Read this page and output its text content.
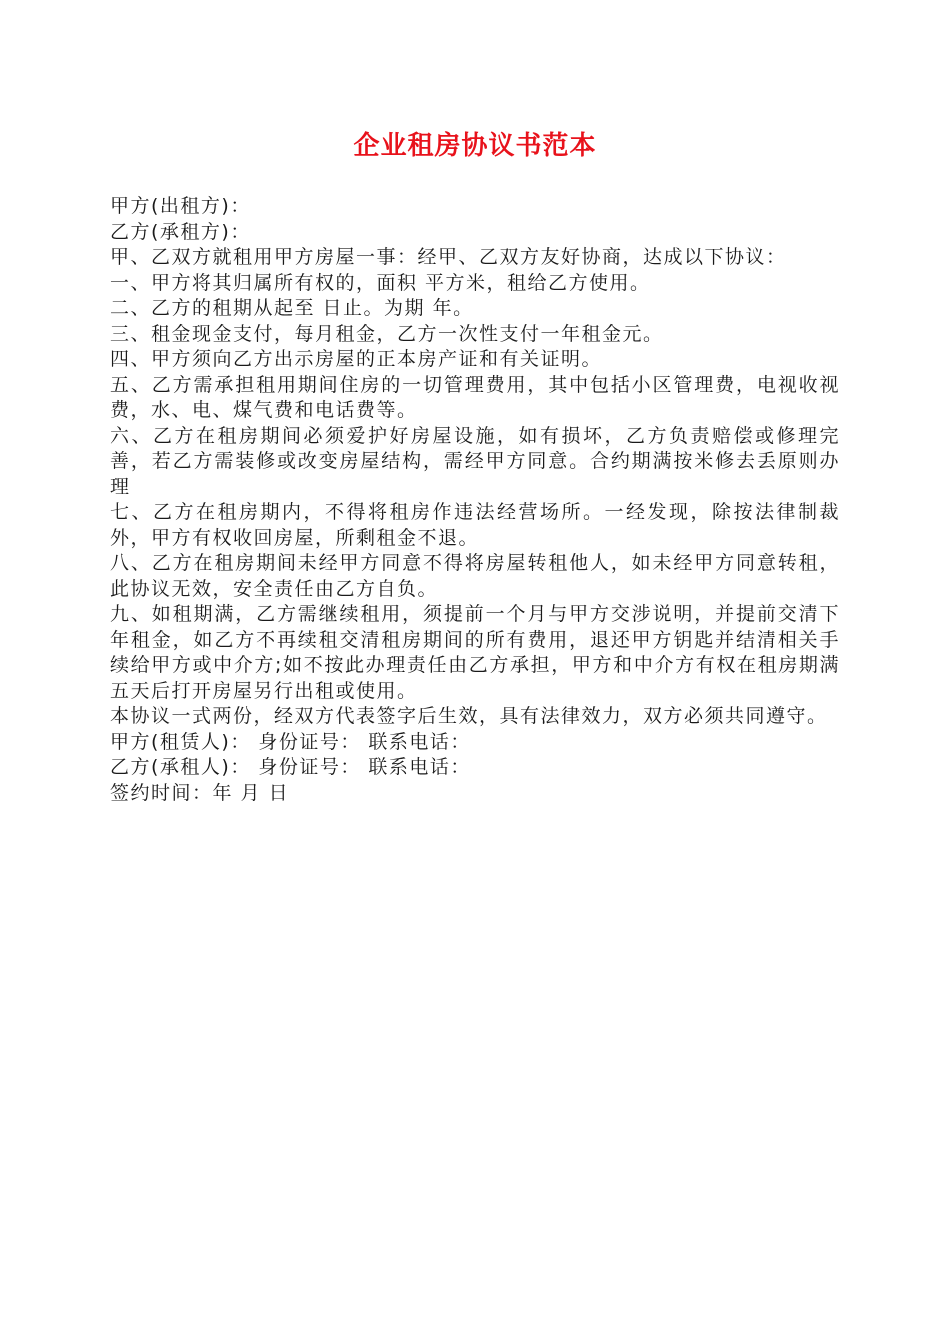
企业租房协议书范本

甲方(出租方)：

乙方(承租方)：

甲、乙双方就租用甲方房屋一事：经甲、乙双方友好协商，达成以下协议：

一、甲方将其归属所有权的，面积 平方米，租给乙方使用。

二、乙方的租期从起至 日止。为期 年。

三、租金现金支付，每月租金，乙方一次性支付一年租金元。

四、甲方须向乙方出示房屋的正本房产证和有关证明。

五、乙方需承担租用期间住房的一切管理费用，其中包括小区管理费，电视收视费，水、电、煤气费和电话费等。

六、乙方在租房期间必须爱护好房屋设施，如有损坏，乙方负责赔偿或修理完善，若乙方需装修或改变房屋结构，需经甲方同意。合约期满按米修去丢原则办理

七、乙方在租房期内，不得将租房作违法经营场所。一经发现，除按法律制裁外，甲方有权收回房屋，所剩租金不退。

八、乙方在租房期间未经甲方同意不得将房屋转租他人，如未经甲方同意转租，此协议无效，安全责任由乙方自负。

九、如租期满，乙方需继续租用，须提前一个月与甲方交涉说明，并提前交清下年租金，如乙方不再续租交清租房期间的所有费用，退还甲方钥匙并结清相关手续给甲方或中介方;如不按此办理责任由乙方承担，甲方和中介方有权在租房期满五天后打开房屋另行出租或使用。

本协议一式两份，经双方代表签字后生效，具有法律效力，双方必须共同遵守。

甲方(租赁人)： 身份证号： 联系电话：

乙方(承租人)： 身份证号： 联系电话：

签约时间：年 月 日
